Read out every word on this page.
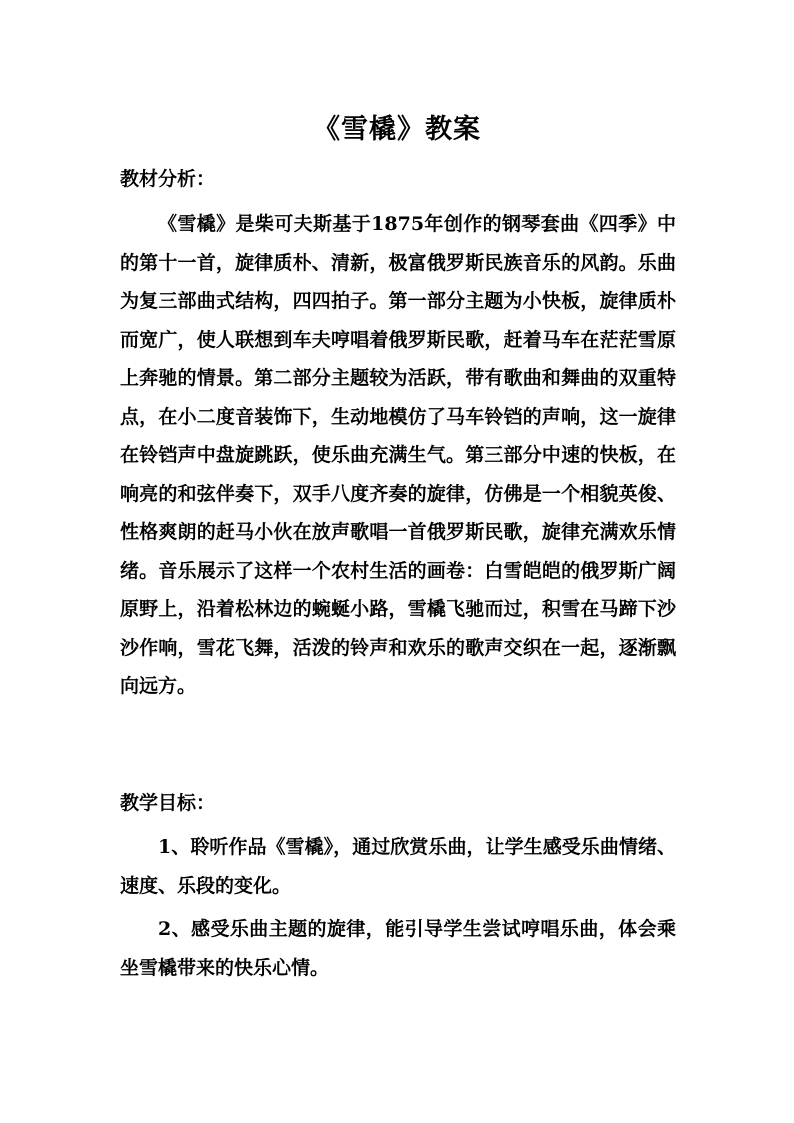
《雪橇》教案
教材分析：

《雪橇》是柴可夫斯基于1875年创作的钢琴套曲《四季》中的第十一首，旋律质朴、清新，极富俄罗斯民族音乐的风韵。乐曲为复三部曲式结构，四四拍子。第一部分主题为小快板，旋律质朴而宽广，使人联想到车夫哼唱着俄罗斯民歌，赶着马车在茫茫雪原上奔驰的情景。第二部分主题较为活跃，带有歌曲和舞曲的双重特点，在小二度音装饰下，生动地模仿了马车铃铛的声响，这一旋律在铃铛声中盘旋跳跃，使乐曲充满生气。第三部分中速的快板，在响亮的和弦伴奏下，双手八度齐奏的旋律，仿佛是一个相貌英俊、性格爽朗的赶马小伙在放声歌唱一首俄罗斯民歌，旋律充满欢乐情绪。音乐展示了这样一个农村生活的画卷：白雪皑皑的俄罗斯广阔原野上，沿着松林边的蜿蜒小路，雪橇飞驰而过，积雪在马蹄下沙沙作响，雪花飞舞，活泼的铃声和欢乐的歌声交织在一起，逐渐飘向远方。

教学目标：

1、聆听作品《雪橇》，通过欣赏乐曲，让学生感受乐曲情绪、速度、乐段的变化。

2、感受乐曲主题的旋律，能引导学生尝试哼唱乐曲，体会乘坐雪橇带来的快乐心情。
